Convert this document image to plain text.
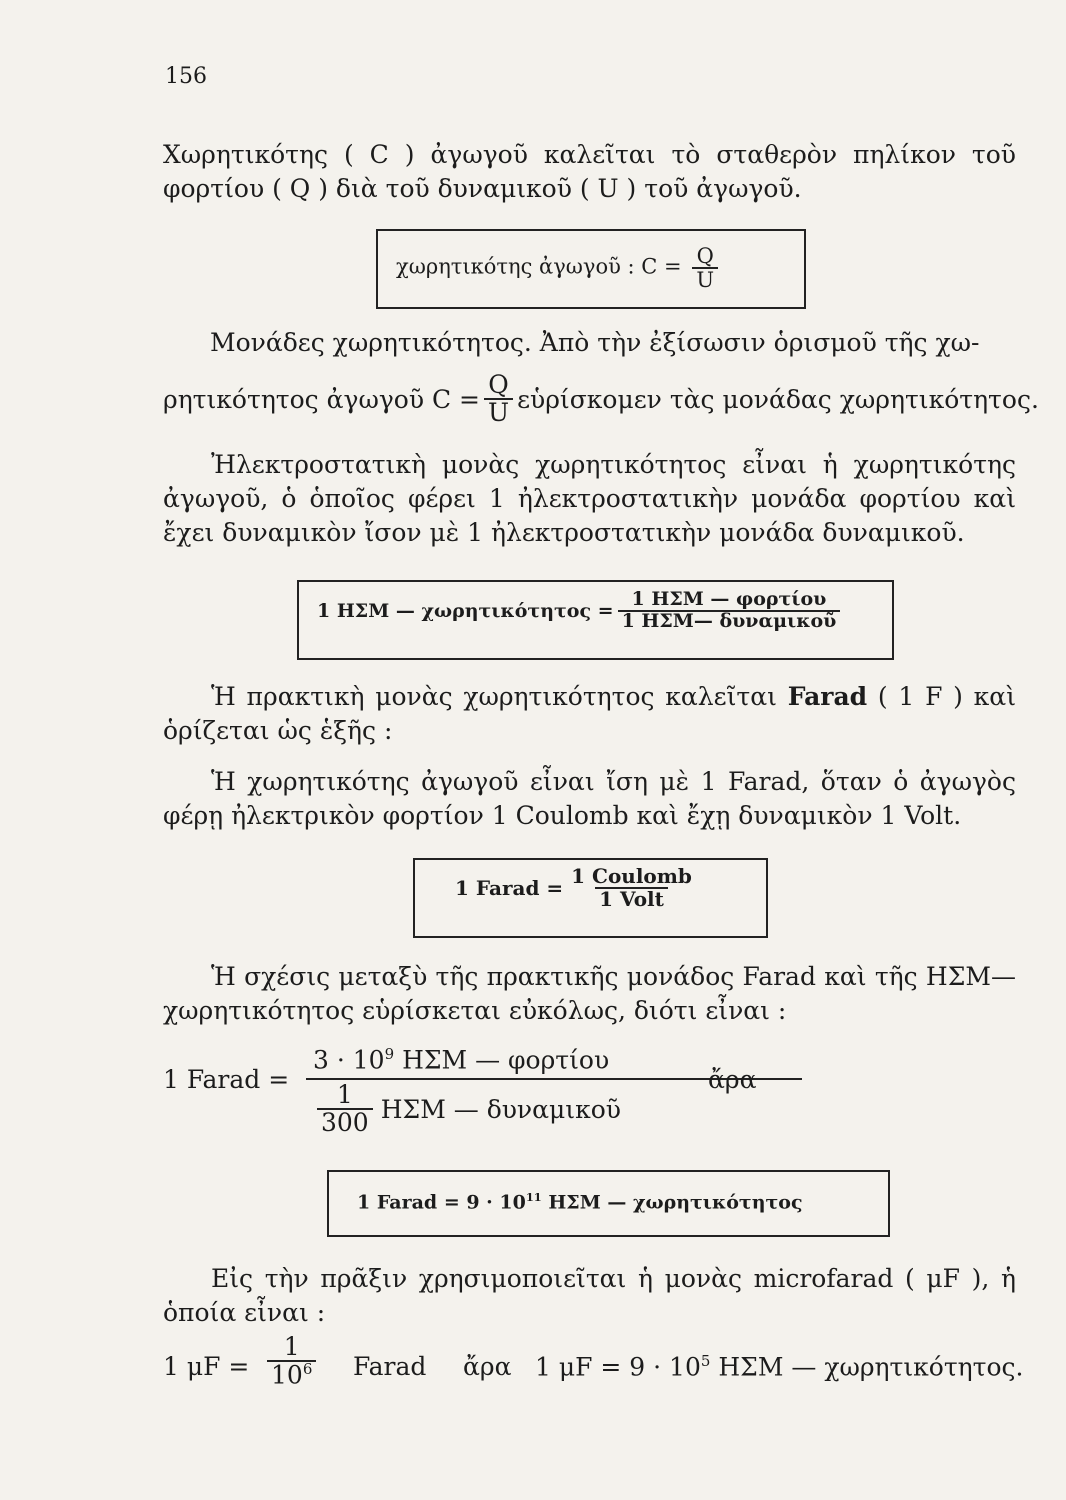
156
Χωρητικότης ( C ) ἀγωγοῦ καλεῖται τὸ σταθερὸν πηλίκον τοῦ φορτίου ( Q ) διὰ τοῦ δυναμικοῦ ( U ) τοῦ ἀγωγοῦ.
χωρητικότης ἀγωγοῦ : $C = \frac{Q}{U}$
Μονάδες χωρητικότητος. Ἀπὸ τὴν ἐξίσωσιν ὁρισμοῦ τῆς χω-
ρητικότητος ἀγωγοῦ $C = \frac{Q}{U}$ εὑρίσκομεν τὰς μονάδας χωρητικότητος.
Ἠλεκτροστατικὴ μονὰς χωρητικότητος εἶναι ἡ χωρητικότης ἀγωγοῦ, ὁ ὁποῖος φέρει 1 ἠλεκτροστατικὴν μονάδα φορτίου καὶ ἔχει δυναμικὸν ἴσον μὲ 1 ἠλεκτροστατικὴν μονάδα δυναμικοῦ.
1 ΗΣΜ — $\chi\omega\rho\eta\tau\iota\kappa ό\tau\eta\tau o\varsigma = \frac{\text{1 ΗΣΜ — φορτίου}}{\text{1 ΗΣΜ— δυναμικοῦ}}$
Ἡ πρακτικὴ μονὰς χωρητικότητος καλεῖται Farad ( 1 F ) καὶ ὁρίζεται ὡς ἑξῆς :
Ἡ χωρητικότης ἀγωγοῦ εἶναι ἴση μὲ 1 Farad, ὅταν ὁ ἀγωγὸς φέρῃ ἠλεκτρικὸν φορτίον 1 Coulomb καὶ ἔχῃ δυναμικὸν 1 Volt.
1 Farad = $\frac{\text{1 Coulomb}}{\text{1 Volt}}$
Ἡ σχέσις μεταξὺ τῆς πρακτικῆς μονάδος Farad καὶ τῆς ΗΣΜ—χωρητικότητος εὑρίσκεται εὐκόλως, διότι εἶναι :
1 Farad =
$3 \cdot 10^9$ ΗΣΜ — φορτίου
$\frac{1}{300}$ ΗΣΜ — δυναμικοῦ
ἄρα
1 Farad = $9 \cdot 10^{11}$ ΗΣΜ — χωρητικότητος
Εἰς τὴν πρᾶξιν χρησιμοποιεῖται ἡ μονὰς microfarad ( μF ), ἡ ὁποία εἶναι :
1 $\mu F = \frac{1}{10^6}$ Farad ἄρα 1 $\mu F = 9 \cdot 10^5$ ΗΣΜ — χωρητικότητος.
